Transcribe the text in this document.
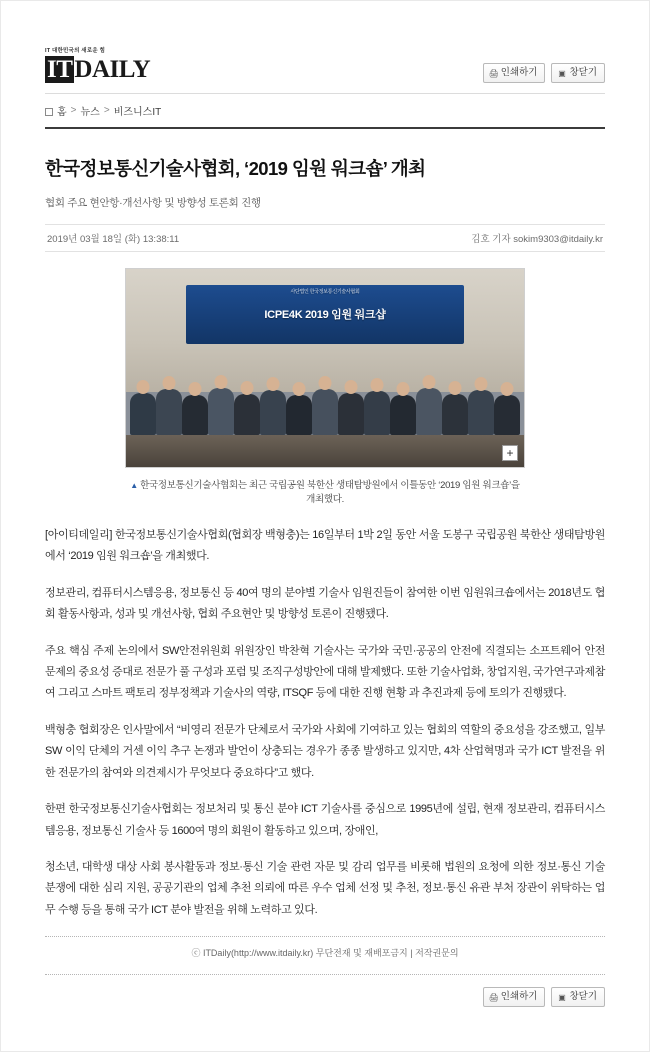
IT 대한민국의 새로운 힘
ITDAILY	🖨 인쇄하기	▣ 창닫기
홈 > 뉴스 > 비즈니스IT
한국정보통신기술사협회, ‘2019 임원 워크숍’ 개최
협회 주요 현안항·개선사항 및 방향성 토론회 진행
2019년 03월 18일 (화) 13:38:11	김호 기자 sokim9303@itdaily.kr
사단법인 한국정보통신기술사협회
ICPE4K 2019 임원 워크샵
+
▲ 한국정보통신기술사협회는 최근 국립공원 북한산 생태탐방원에서 이틀동안 ‘2019 임원 워크숍’을 개최했다.

[아이티데일리] 한국정보통신기술사협회(협회장 백형충)는 16일부터 1박 2일 동안 서울 도봉구 국립공원 북한산 생태탐방원에서 ‘2019 임원 워크숍’을 개최했다.

정보관리, 컴퓨터시스템응용, 정보통신 등 40여 명의 분야별 기술사 임원진들이 참여한 이번 임원워크숍에서는 2018년도 협회 활동사항과, 성과 및 개선사항, 협회 주요현안 및 방향성 토론이 진행됐다.

주요 핵심 주제 논의에서 SW안전위원회 위원장인 박찬혁 기술사는 국가와 국민·공공의 안전에 직결되는 소프트웨어 안전 문제의 중요성 증대로 전문가 풀 구성과 포럼 및 조직구성방안에 대해 발제했다. 또한 기술사업화, 창업지원, 국가연구과제참여 그리고 스마트 팩토리 정부정책과 기술사의 역량, ITSQF 등에 대한 진행 현황 과 추진과제 등에 토의가 진행됐다.

백형충 협회장은 인사말에서 “비영리 전문가 단체로서 국가와 사회에 기여하고 있는 협회의 역할의 중요성을 강조했고, 일부 SW 이익 단체의 거센 이익 추구 논쟁과 발언이 상충되는 경우가 종종 발생하고 있지만, 4차 산업혁명과 국가 ICT 발전을 위한 전문가의 참여와 의견제시가 무엇보다 중요하다”고 했다.

한편 한국정보통신기술사협회는 정보처리 및 통신 분야 ICT 기술사를 중심으로 1995년에 설립, 현재 정보관리, 컴퓨터시스템응용, 정보통신 기술사 등 1600여 명의 회원이 활동하고 있으며, 장애인,

청소년, 대학생 대상 사회 봉사활동과 정보·통신 기술 관련 자문 및 감리 업무를 비롯해 법원의 요청에 의한 정보·통신 기술 분쟁에 대한 심리 지원, 공공기관의 업체 추천 의뢰에 따른 우수 업체 선정 및 추천, 정보·통신 유관 부처 장관이 위탁하는 업무 수행 등을 통해 국가 ICT 분야 발전을 위해 노력하고 있다.

ⓒ ITDaily(http://www.itdaily.kr) 무단전재 및 재배포금지 | 저작권문의
🖨 인쇄하기	▣ 창닫기
